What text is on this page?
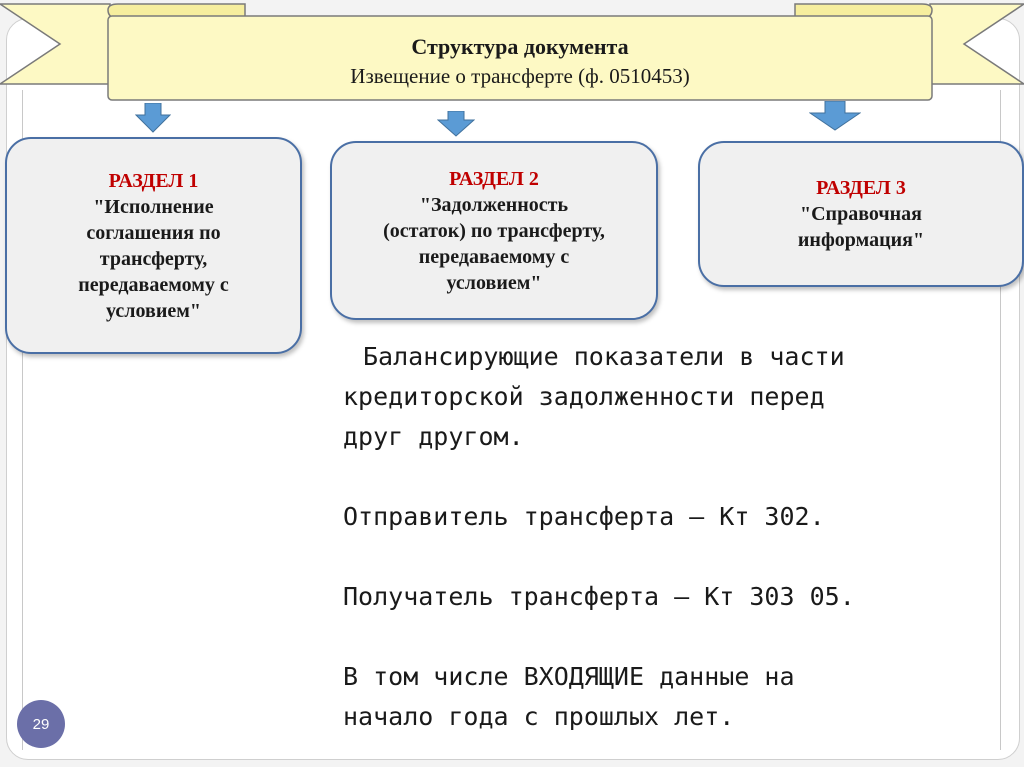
Структура документа
Извещение о трансферте (ф. 0510453)
РАЗДЕЛ 1
"Исполнение
соглашения по
трансферту,
передаваемому с
условием"
РАЗДЕЛ 2
"Задолженность
(остаток) по трансферту,
передаваемому с
условием"
РАЗДЕЛ 3
"Справочная
информация"

Балансирующие показатели в части

кредиторской задолженности перед

друг другом.

Отправитель трансферта – Кт 302.

Получатель трансферта – Кт 303 05.

В том числе ВХОДЯЩИЕ данные на

начало года с прошлых лет.

29
